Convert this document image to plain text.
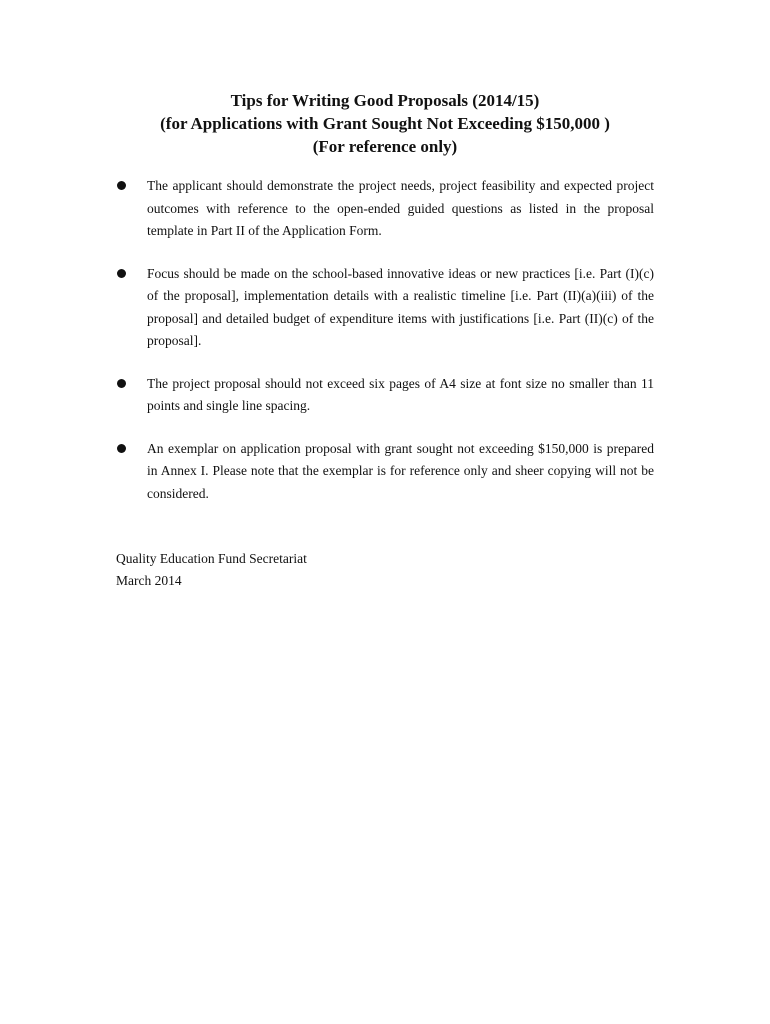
Tips for Writing Good Proposals (2014/15)
(for Applications with Grant Sought Not Exceeding $150,000 )
(For reference only)
The applicant should demonstrate the project needs, project feasibility and expected project outcomes with reference to the open-ended guided questions as listed in the proposal template in Part II of the Application Form.
Focus should be made on the school-based innovative ideas or new practices [i.e. Part (I)(c) of the proposal], implementation details with a realistic timeline [i.e. Part (II)(a)(iii) of the proposal] and detailed budget of expenditure items with justifications [i.e. Part (II)(c) of the proposal].
The project proposal should not exceed six pages of A4 size at font size no smaller than 11 points and single line spacing.
An exemplar on application proposal with grant sought not exceeding $150,000 is prepared in Annex I. Please note that the exemplar is for reference only and sheer copying will not be considered.
Quality Education Fund Secretariat
March 2014
